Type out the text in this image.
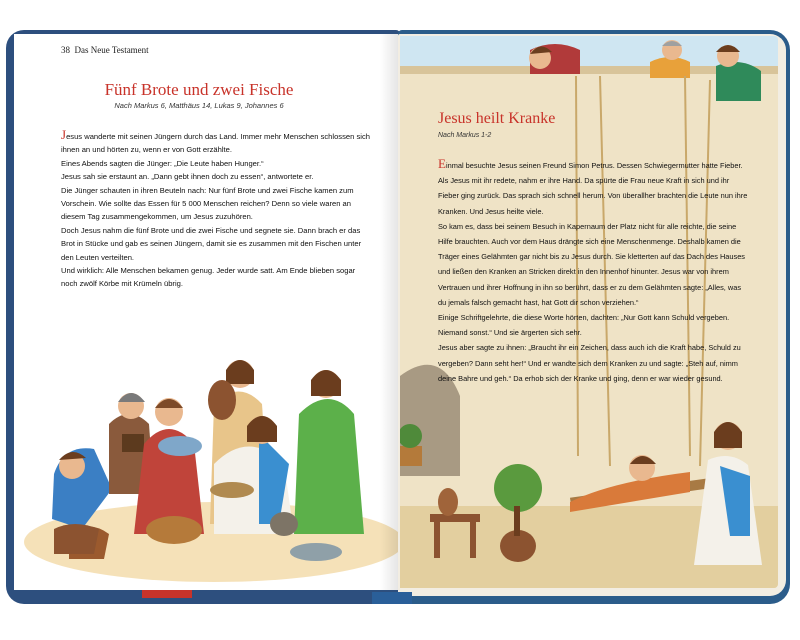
38 Das Neue Testament
Fünf Brote und zwei Fische
Nach Markus 6, Matthäus 14, Lukas 9, Johannes 6

Jesus wanderte mit seinen Jüngern durch das Land. Immer mehr Menschen schlossen sich ihnen an und hörten zu, wenn er von Gott erzählte.

Eines Abends sagten die Jünger: „Die Leute haben Hunger.“

Jesus sah sie erstaunt an. „Dann gebt ihnen doch zu essen“, antwortete er.

Die Jünger schauten in ihren Beuteln nach: Nur fünf Brote und zwei Fische kamen zum Vorschein. Wie sollte das Essen für 5 000 Menschen reichen? Denn so viele waren an diesem Tag zusammengekommen, um Jesus zuzuhören.

Doch Jesus nahm die fünf Brote und die zwei Fische und segnete sie. Dann brach er das Brot in Stücke und gab es seinen Jüngern, damit sie es zusammen mit den Fischen unter den Leuten verteilten.

Und wirklich: Alle Menschen bekamen genug. Jeder wurde satt. Am Ende blieben sogar noch zwölf Körbe mit Krümeln übrig.

Jesus heilt Kranke
Nach Markus 1-2

Einmal besuchte Jesus seinen Freund Simon Petrus. Dessen Schwiegermutter hatte Fieber. Als Jesus mit ihr redete, nahm er ihre Hand. Da spürte die Frau neue Kraft in sich und ihr Fieber ging zurück. Das sprach sich schnell herum. Von überallher brachten die Leute nun ihre Kranken. Und Jesus heilte viele.

So kam es, dass bei seinem Besuch in Kapernaum der Platz nicht für alle reichte, die seine Hilfe brauchten. Auch vor dem Haus drängte sich eine Menschenmenge. Deshalb kamen die Träger eines Gelähmten gar nicht bis zu Jesus durch. Sie kletterten auf das Dach des Hauses und ließen den Kranken an Stricken direkt in den Innenhof hinunter. Jesus war von ihrem Vertrauen und ihrer Hoffnung in ihn so berührt, dass er zu dem Gelähmten sagte: „Alles, was du jemals falsch gemacht hast, hat Gott dir schon verziehen.“

Einige Schriftgelehrte, die diese Worte hörten, dachten: „Nur Gott kann Schuld vergeben. Niemand sonst.“ Und sie ärgerten sich sehr.

Jesus aber sagte zu ihnen: „Braucht ihr ein Zeichen, dass auch ich die Kraft habe, Schuld zu vergeben? Dann seht her!“ Und er wandte sich dem Kranken zu und sagte: „Steh auf, nimm deine Bahre und geh.“ Da erhob sich der Kranke und ging, denn er war wieder gesund.
